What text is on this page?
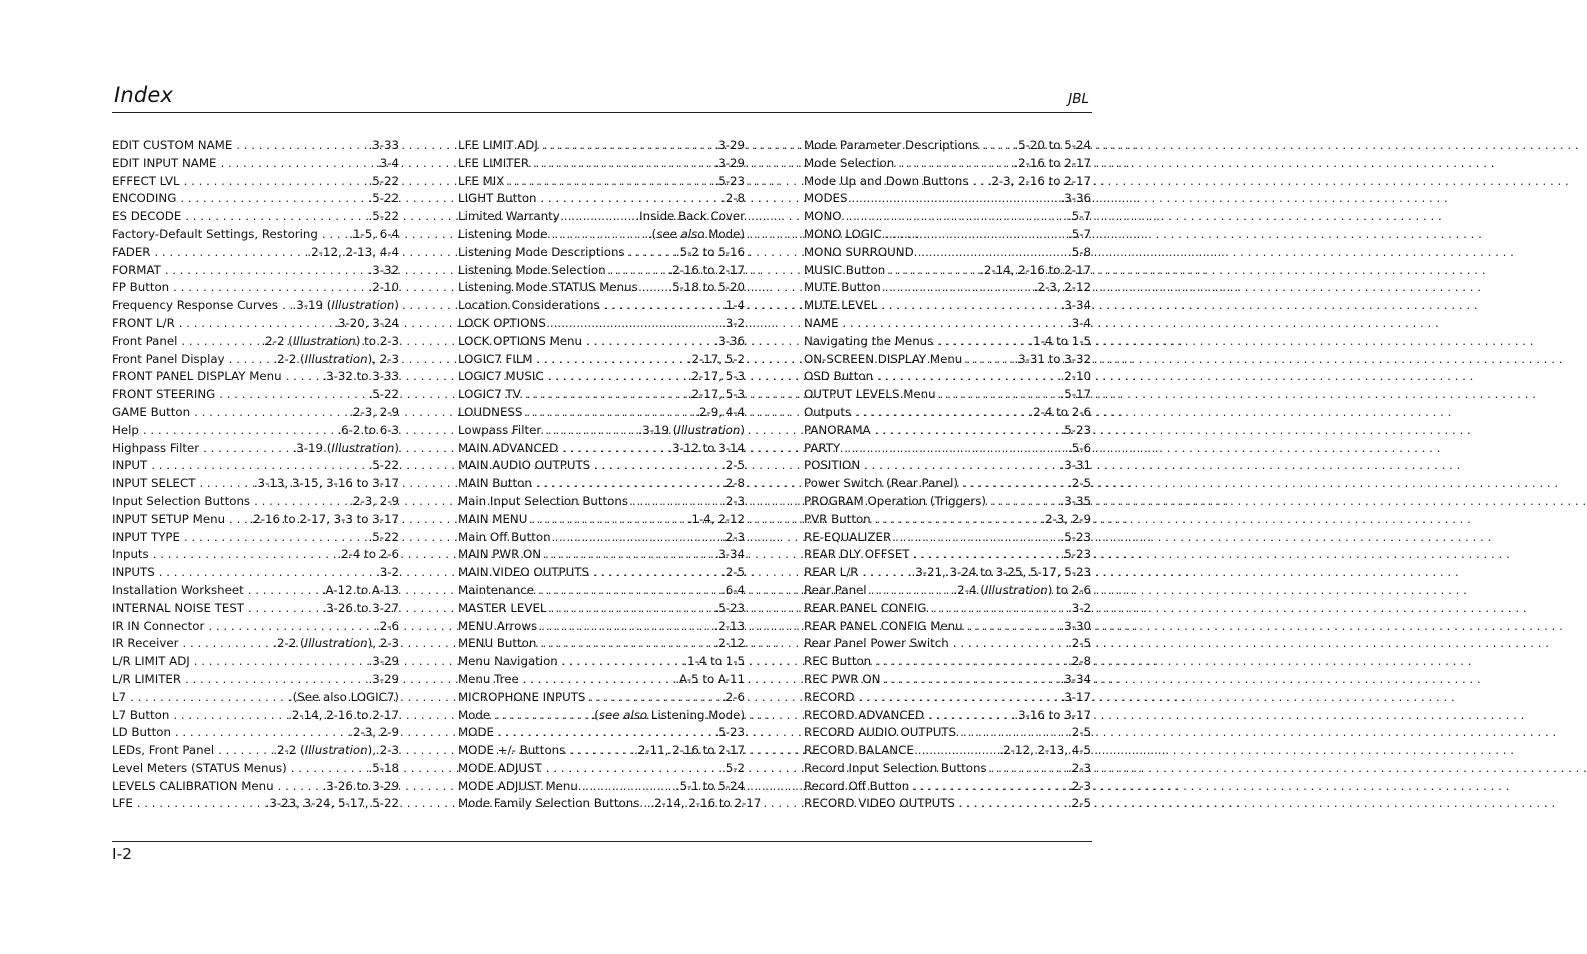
Index	JBL
EDIT CUSTOM NAME . . .	.3-33
EDIT INPUT NAME . . .	.3-4
EFFECT LVL . . .	.5-22
ENCODING . . .	.5-22
ES DECODE . . .	.5-22
Factory-Default Settings, Restoring . . .	.1-5, 6-4
FADER . . .	.2-12, 2-13, 4-4
FORMAT . . .	.3-32
FP Button . . .	.2-10
Frequency Response Curves . . .	.3-19 (Illustration)
FRONT L/R . . .	.3-20, 3-24
Front Panel . . .	.2-2 (Illustration) to 2-3
Front Panel Display . . .	.2-2 (Illustration), 2-3
FRONT PANEL DISPLAY Menu . . .	.3-32 to 3-33
FRONT STEERING . . .	.5-22
GAME Button . . .	.2-3, 2-9
Help . . .	.6-2 to 6-3
Highpass Filter . . .	.3-19 (Illustration)
INPUT . . .	.5-22
INPUT SELECT . . .	.3-13, 3-15, 3-16 to 3-17
Input Selection Buttons . . .	.2-3, 2-9
INPUT SETUP Menu . . .	.2-16 to 2-17, 3-3 to 3-17
INPUT TYPE . . .	.5-22
Inputs . . .	.2-4 to 2-6
INPUTS . . .	.3-2
Installation Worksheet . . .	.A-12 to A-13
INTERNAL NOISE TEST . . .	.3-26 to 3-27
IR IN Connector . . .	.2-6
IR Receiver . . .	.2-2 (Illustration), 2-3
L/R LIMIT ADJ . . .	.3-29
L/R LIMITER . . .	.3-29
L7 . . .	.(See also LOGIC7)
L7 Button . . .	.2-14, 2-16 to 2-17
LD Button . . .	.2-3, 2-9
LEDs, Front Panel . . .	.2-2 (Illustration), 2-3
Level Meters (STATUS Menus) . . .	.5-18
LEVELS CALIBRATION Menu . . .	.3-26 to 3-29
LFE . . .	.3-23, 3-24, 5-17, 5-22
LFE LIMIT ADJ . . .	.3-29
LFE LIMITER . . .	.3-29
LFE MIX . . .	.5-23
LIGHT Button . . .	.2-8
Limited Warranty . . .	.Inside Back Cover
Listening Mode . . .	.(see also Mode)
Listening Mode Descriptions . . .	.5-2 to 5-16
Listening Mode Selection . . .	.2-16 to 2-17
Listening Mode STATUS Menus . . .	.5-18 to 5-20
Location Considerations . . .	.1-4
LOCK OPTIONS . . .	.3-2
LOCK OPTIONS Menu . . .	.3-36
LOGIC7 FILM . . .	.2-17, 5-2
LOGIC7 MUSIC . . .	.2-17, 5-3
LOGIC7 TV . . .	.2-17, 5-3
LOUDNESS . . .	.2-9, 4-4
Lowpass Filter . . .	.3-19 (Illustration)
MAIN ADVANCED . . .	.3-12 to 3-14
MAIN AUDIO OUTPUTS . . .	.2-5
MAIN Button . . .	.2-8
Main Input Selection Buttons . . .	.2-3
MAIN MENU . . .	.1-4, 2-12
Main Off Button . . .	.2-3
MAIN PWR ON . . .	.3-34
MAIN VIDEO OUTPUTS . . .	.2-5
Maintenance . . .	.6-4
MASTER LEVEL . . .	.5-23
MENU Arrows . . .	.2-13
MENU Button . . .	.2-12
Menu Navigation . . .	.1-4 to 1-5
Menu Tree . . .	.A-5 to A-11
MICROPHONE INPUTS . . .	.2-6
Mode . . .	.(see also Listening Mode)
MODE . . .	.5-23
MODE +/- Buttons . . .	.2-11, 2-16 to 2-17
MODE ADJUST . . .	.5-2
MODE ADJUST Menu . . .	.5-1 to 5-24
Mode Family Selection Buttons . . . .2-14, 2-16 to 2-17
Mode Parameter Descriptions . . .	.5-20 to 5-24
Mode Selection . . .	.2-16 to 2-17
Mode Up and Down Buttons . . .	.2-3, 2-16 to 2-17
MODES . . .	.3-36
MONO . . .	.5-7
MONO LOGIC . . .	.5-7
MONO SURROUND . . .	.5-8
MUSIC Button . . .	.2-14, 2-16 to 2-17
MUTE Button . . .	.2-3, 2-12
MUTE LEVEL . . .	.3-34
NAME . . .	.3-4
Navigating the Menus . . .	.1-4 to 1-5
ON-SCREEN DISPLAY Menu . . .	.3-31 to 3-32
OSD Button . . .	.2-10
OUTPUT LEVELS Menu . . .	.5-17
Outputs . . .	.2-4 to 2-6
PANORAMA . . .	.5-23
PARTY . . .	.5-6
POSITION . . .	.3-31
Power Switch (Rear Panel) . . .	.2-5
PROGRAM Operation (Triggers) . . .	.3-35
PVR Button . . .	.2-3, 2-9
RE-EQUALIZER . . .	.5-23
REAR DLY OFFSET . . .	.5-23
REAR L/R . . .	.3-21, 3-24 to 3-25, 5-17, 5-23
Rear Panel . . .	.2-4 (Illustration) to 2-6
REAR PANEL CONFIG . . .	.3-2
REAR PANEL CONFIG Menu . . .	.3-30
Rear Panel Power Switch . . .	.2-5
REC Button . . .	.2-8
REC PWR ON . . .	.3-34
RECORD . . .	.3-17
RECORD ADVANCED . . .	.3-16 to 3-17
RECORD AUDIO OUTPUTS . . .	.2-5
RECORD BALANCE . . .	.2-12, 2-13, 4-5
Record Input Selection Buttons . . .	.2-3
Record Off Button . . .	.2-3
RECORD VIDEO OUTPUTS . . .	.2-5
I-2
